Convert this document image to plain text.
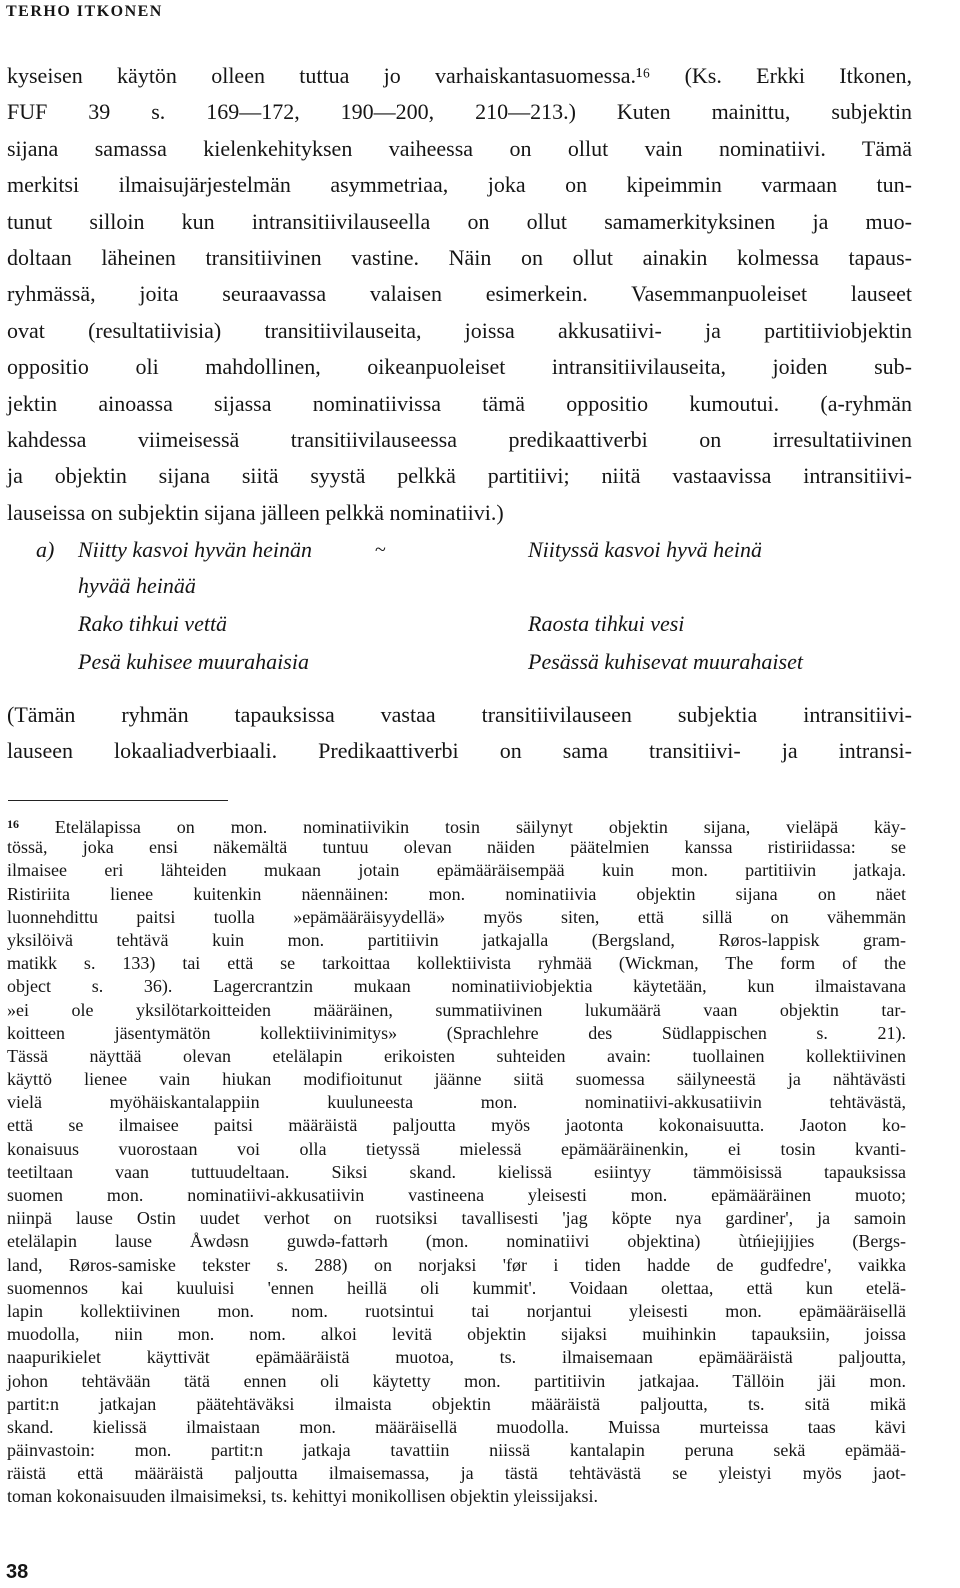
TERHO ITKONEN

kyseisen käytön olleen tuttua jo varhaiskantasuomessa.¹⁶ (Ks. Erkki Itkonen,
FUF 39 s. 169—172, 190—200, 210—213.) Kuten mainittu, subjektin
sijana samassa kielenkehityksen vaiheessa on ollut vain nominatiivi. Tämä
merkitsi ilmaisujärjestelmän asymmetriaa, joka on kipeimmin varmaan tun-
tunut silloin kun intransitiivilauseella on ollut samamerkityksinen ja muo-
doltaan läheinen transitiivinen vastine. Näin on ollut ainakin kolmessa tapaus-
ryhmässä, joita seuraavassa valaisen esimerkein. Vasemmanpuoleiset lauseet
ovat (resultatiivisia) transitiivilauseita, joissa akkusatiivi- ja partitiiviobjektin
oppositio oli mahdollinen, oikeanpuoleiset intransitiivilauseita, joiden sub-
jektin ainoassa sijassa nominatiivissa tämä oppositio kumoutui. (a-ryhmän
kahdessa viimeisessä transitiivilauseessa predikaattiverbi on irresultatiivinen
ja objektin sijana siitä syystä pelkkä partitiivi; niitä vastaavissa intransitiivi-
lauseissa on subjektin sijana jälleen pelkkä nominatiivi.)
a) Niitty kasvoi hyvän heinän	~	Niityssä kasvoi hyvä heinä
hyvää heinää
Rako tihkui vettä	Raosta tihkui vesi
Pesä kuhisee muurahaisia	Pesässä kuhisevat muurahaiset
(Tämän ryhmän tapauksissa vastaa transitiivilauseen subjektia intransitiivi-
lauseen lokaaliadverbiaali. Predikaattiverbi on sama transitiivi- ja intransi-
$^{16}$ Etelälapissa on mon. nominatiivikin tosin säilynyt objektin sijana, vieläpä käy-
tössä, joka ensi näkemältä tuntuu olevan näiden päätelmien kanssa ristiriidassa: se
ilmaisee eri lähteiden mukaan jotain epämääräisempää kuin mon. partitiivin jatkaja.
Ristiriita lienee kuitenkin näennäinen: mon. nominatiivia objektin sijana on näet
luonnehdittu paitsi tuolla »epämääräisyydellä» myös siten, että sillä on vähemmän
yksilöivä tehtävä kuin mon. partitiivin jatkajalla (Bergsland, Røros-lappisk gram-
matikk s. 133) tai että se tarkoittaa kollektiivista ryhmää (Wickman, The form of the
object s. 36). Lagercrantzin mukaan nominatiiviobjektia käytetään, kun ilmaistavana
»ei ole yksilötarkoitteiden määräinen, summatiivinen lukumäärä vaan objektin tar-
koitteen jäsentymätön kollektiivinimitys» (Sprachlehre des Südlappischen s. 21).
Tässä näyttää olevan etelälapin erikoisten suhteiden avain: tuollainen kollektiivinen
käyttö lienee vain hiukan modifioitunut jäänne siitä suomessa säilyneestä ja nähtävästi
vielä myöhäiskantalappiin kuuluneesta mon. nominatiivi-akkusatiivin tehtävästä,
että se ilmaisee paitsi määräistä paljoutta myös jaotonta kokonaisuutta. Jaoton ko-
konaisuus vuorostaan voi olla tietyssä mielessä epämääräinenkin, ei tosin kvanti-
teetiltaan vaan tuttuudeltaan. Siksi skand. kielissä esiintyy tämmöisissä tapauksissa
suomen mon. nominatiivi-akkusatiivin vastineena yleisesti mon. epämääräinen muoto;
niinpä lause Ostin uudet verhot on ruotsiksi tavallisesti 'jag köpte nya gardiner', ja samoin
etelälapin lause Åwdəsn guwdə-fattərh (mon. nominatiivi objektina) ùtńiejijjies (Bergs-
land, Røros-samiske tekster s. 288) on norjaksi 'før i tiden hadde de gudfedre', vaikka
suomennos kai kuuluisi 'ennen heillä oli kummit'. Voidaan olettaa, että kun etelä-
lapin kollektiivinen mon. nom. ruotsintui tai norjantui yleisesti mon. epämääräisellä
muodolla, niin mon. nom. alkoi levitä objektin sijaksi muihinkin tapauksiin, joissa
naapurikielet käyttivät epämääräistä muotoa, ts. ilmaisemaan epämääräistä paljoutta,
johon tehtävään tätä ennen oli käytetty mon. partitiivin jatkajaa. Tällöin jäi mon.
partit:n jatkajan päätehtäväksi ilmaista objektin määräistä paljoutta, ts. sitä mikä
skand. kielissä ilmaistaan mon. määräisellä muodolla. Muissa murteissa taas kävi
päinvastoin: mon. partit:n jatkaja tavattiin niissä kantalapin peruna sekä epämää-
räistä että määräistä paljoutta ilmaisemassa, ja tästä tehtävästä se yleistyi myös jaot-
toman kokonaisuuden ilmaisimeksi, ts. kehittyi monikollisen objektin yleissijaksi.

38
